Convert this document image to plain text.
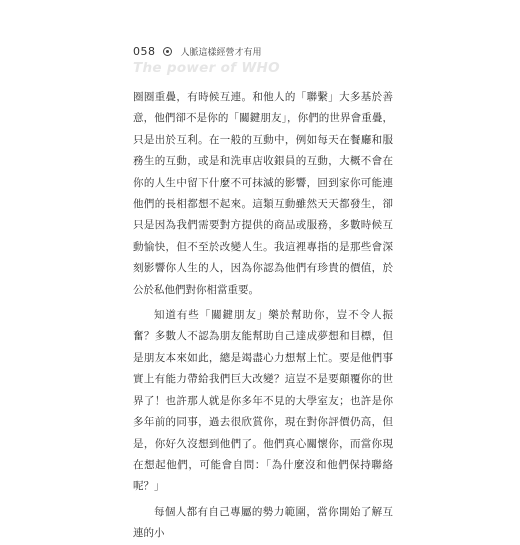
058	人脈這樣經營才有用
The power of WHO

圈圈重疊，有時候互連。和他人的「聯繫」大多基於善意，他們卻不是你的「關鍵朋友」，你們的世界會重疊，只是出於互利。在一般的互動中，例如每天在餐廳和服務生的互動，或是和洗車店收銀員的互動，大概不會在你的人生中留下什麼不可抹滅的影響，回到家你可能連他們的長相都想不起來。這類互動雖然天天都發生，卻只是因為我們需要對方提供的商品或服務，多數時候互動愉快，但不至於改變人生。我這裡專指的是那些會深刻影響你人生的人，因為你認為他們有珍貴的價值，於公於私他們對你相當重要。

知道有些「關鍵朋友」樂於幫助你，豈不令人振奮？多數人不認為朋友能幫助自己達成夢想和目標，但是朋友本來如此，總是竭盡心力想幫上忙。要是他們事實上有能力帶給我們巨大改變？這豈不是要顛覆你的世界了！也許那人就是你多年不見的大學室友；也許是你多年前的同事，過去很欣賞你，現在對你評價仍高，但是，你好久沒想到他們了。他們真心關懷你，而當你現在想起他們，可能會自問：「為什麼沒和他們保持聯絡呢？」

每個人都有自己專屬的勢力範圍，當你開始了解互連的小
